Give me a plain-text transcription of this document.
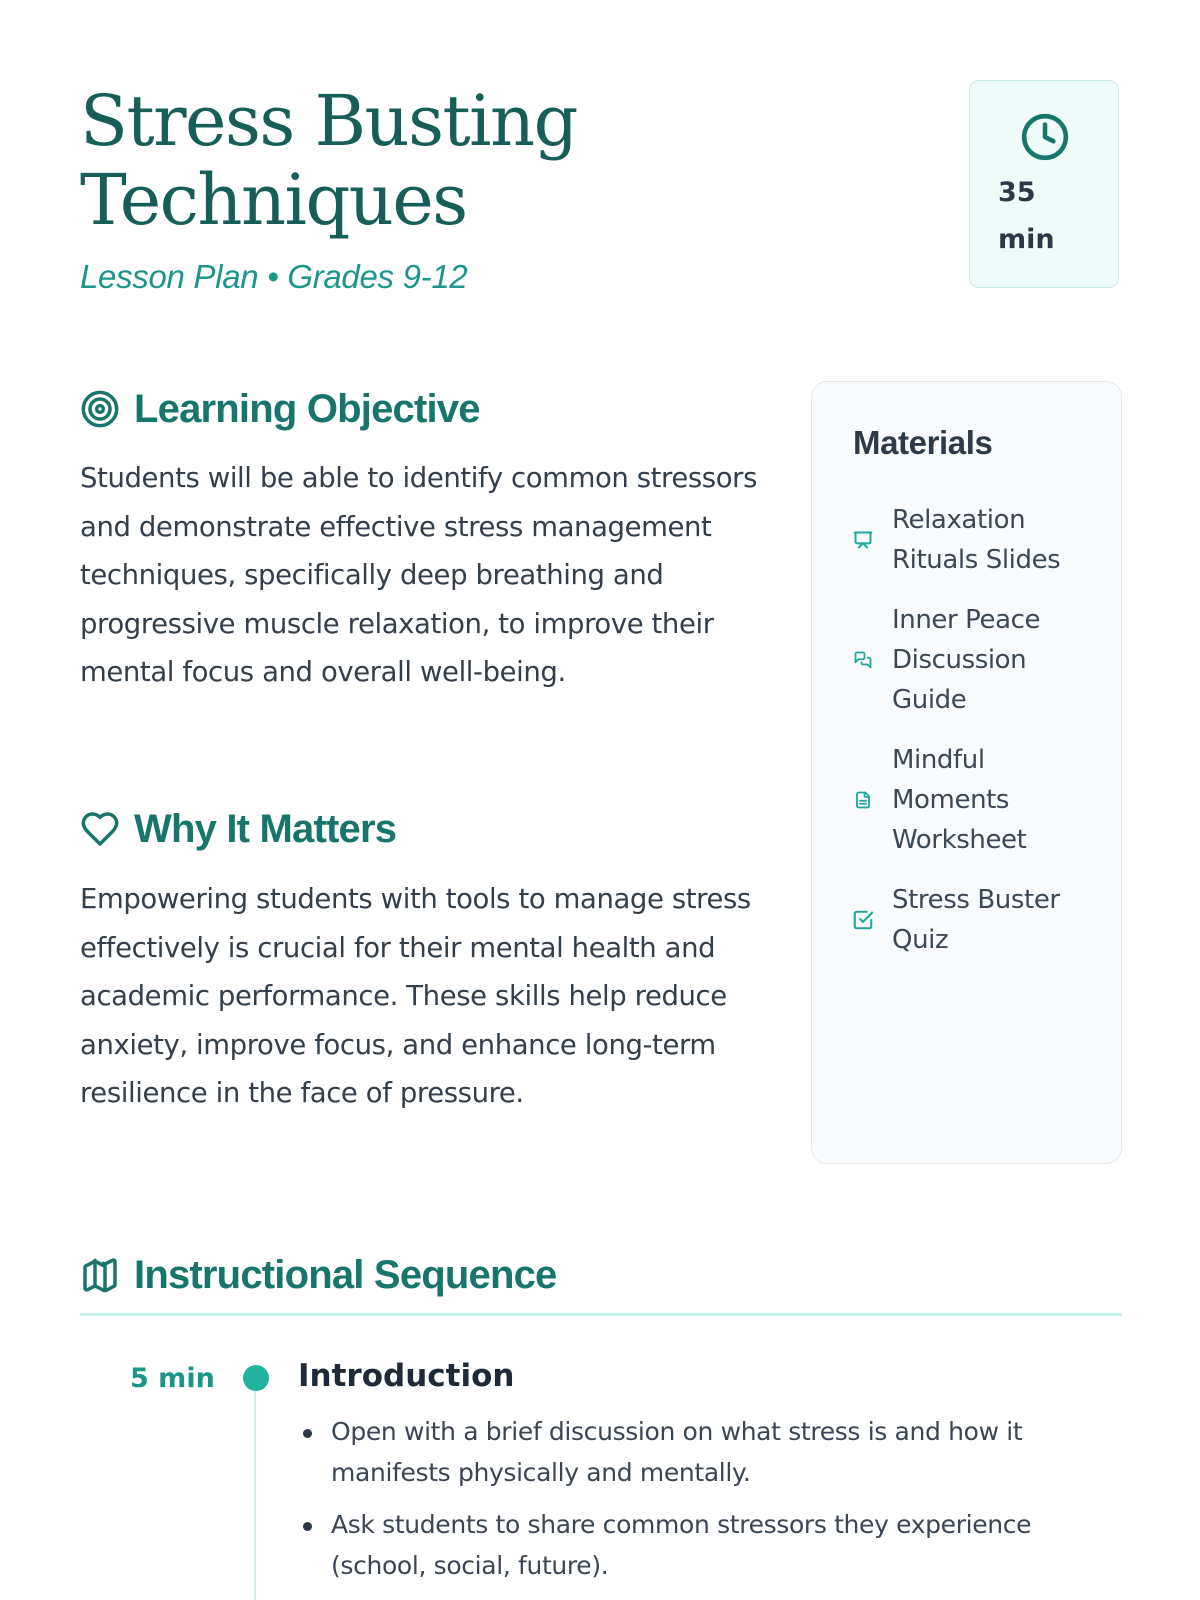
Stress Busting
Techniques
Lesson Plan • Grades 9-12
35 min
Learning Objective

Students will be able to identify common stressors and demonstrate effective stress management techniques, specifically deep breathing and progressive muscle relaxation, to improve their mental focus and overall well-being.

Why It Matters

Empowering students with tools to manage stress effectively is crucial for their mental health and academic performance. These skills help reduce anxiety, improve focus, and enhance long-term resilience in the face of pressure.

Materials
Relaxation Rituals Slides
Inner Peace Discussion Guide
Mindful Moments Worksheet
Stress Buster Quiz
Instructional Sequence
5 min	Introduction
Open with a brief discussion on what stress is and how it manifests physically and mentally.
Ask students to share common stressors they experience (school, social, future).
